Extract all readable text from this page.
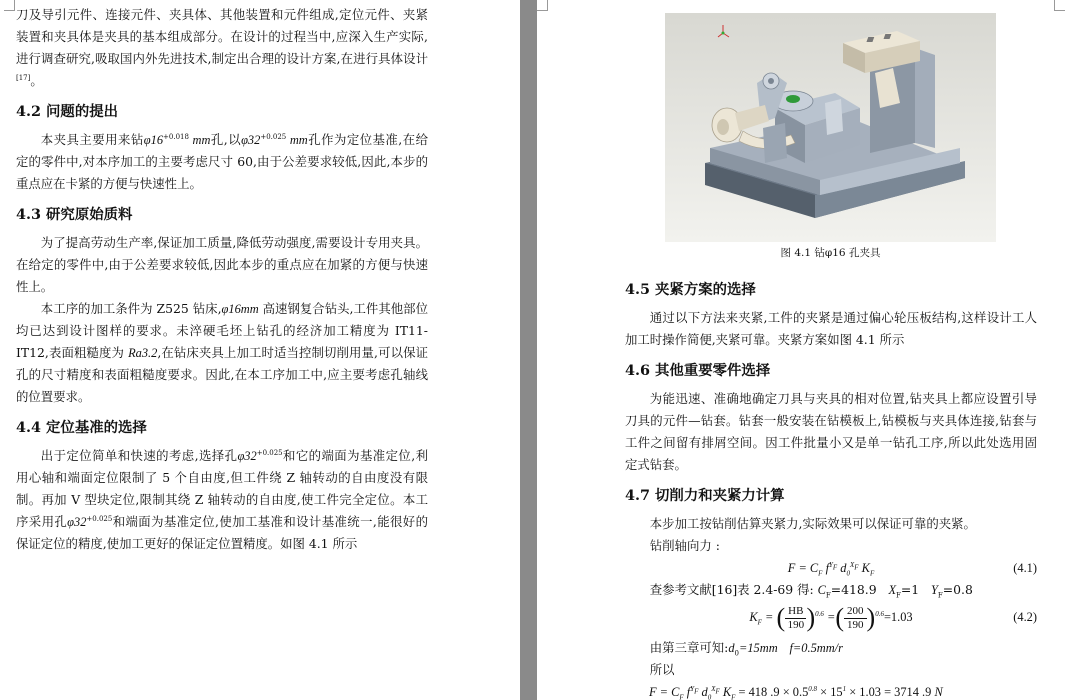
刀及导引元件、连接元件、夹具体、其他装置和元件组成,定位元件、夹紧装置和夹具体是夹具的基本组成部分。在设计的过程当中,应深入生产实际,进行调查研究,吸取国内外先进技术,制定出合理的设计方案,在进行具体设计[17]。

4.2 问题的提出

本夹具主要用来钻$\varphi 16^{+0.018}$ mm孔,以$\varphi 32^{+0.025}$ mm孔作为定位基准,在给定的零件中,对本序加工的主要考虑尺寸 60,由于公差要求较低,因此,本步的重点应在卡紧的方便与快速性上。

4.3 研究原始质料

为了提高劳动生产率,保证加工质量,降低劳动强度,需要设计专用夹具。在给定的零件中,由于公差要求较低,因此本步的重点应在加紧的方便与快速性上。

本工序的加工条件为 Z525 钻床,φ16mm 高速钢复合钻头,工件其他部位均已达到设计图样的要求。未淬硬毛坯上钻孔的经济加工精度为 IT11-IT12,表面粗糙度为 Ra3.2,在钻床夹具上加工时适当控制切削用量,可以保证孔的尺寸精度和表面粗糙度要求。因此,在本工序加工中,应主要考虑孔轴线的位置要求。

4.4 定位基准的选择

出于定位简单和快速的考虑,选择孔$\varphi 32^{+0.025}$和它的端面为基准定位,利用心轴和端面定位限制了 5 个自由度,但工件绕 Z 轴转动的自由度没有限制。再加 V 型块定位,限制其绕 Z 轴转动的自由度,使工件完全定位。本工序采用孔$\varphi 32^{+0.025}$和端面为基准定位,使加工基准和设计基准统一,能很好的保证定位的精度,使加工更好的保证定位置精度。如图 4.1 所示

图 4.1 钻φ16 孔夹具
4.5 夹紧方案的选择

通过以下方法来夹紧,工件的夹紧是通过偏心轮压板结构,这样设计工人加工时操作简便,夹紧可靠。夹紧方案如图 4.1 所示

4.6 其他重要零件选择

为能迅速、准确地确定刀具与夹具的相对位置,钻夹具上都应设置引导刀具的元件—钻套。钻套一般安装在钻模板上,钻模板与夹具体连接,钻套与工件之间留有排屑空间。因工件批量小又是单一钻孔工序,所以此处选用固定式钻套。

4.7 切削力和夹紧力计算

本步加工按钻削估算夹紧力,实际效果可以保证可靠的夹紧。

钻削轴向力 :

$F = C_F$ $f^{Y_F}$ $d_0^{X_F}$ $K_F$	(4.1)

查参考文献[16]表 2.4-69 得: $C_F=418.9$ $X_F=1$ $Y_F=0.8$

$K_F$ = ( $\frac{HB}{190} )^{0.6}$ =( $\frac{200}{190} )^{0.6}=1.03$	(4.2)

由第三章可知$:d_0=15mm$ f=0.5mm/r

所以

$F = C_F$ $f^{Y_F}$ $d_0^{X_F}$ $K_F = 418$ $.9 \times 0.5^{0.8} \times 15^1 \times 1.03 = 3714$ .9 N
